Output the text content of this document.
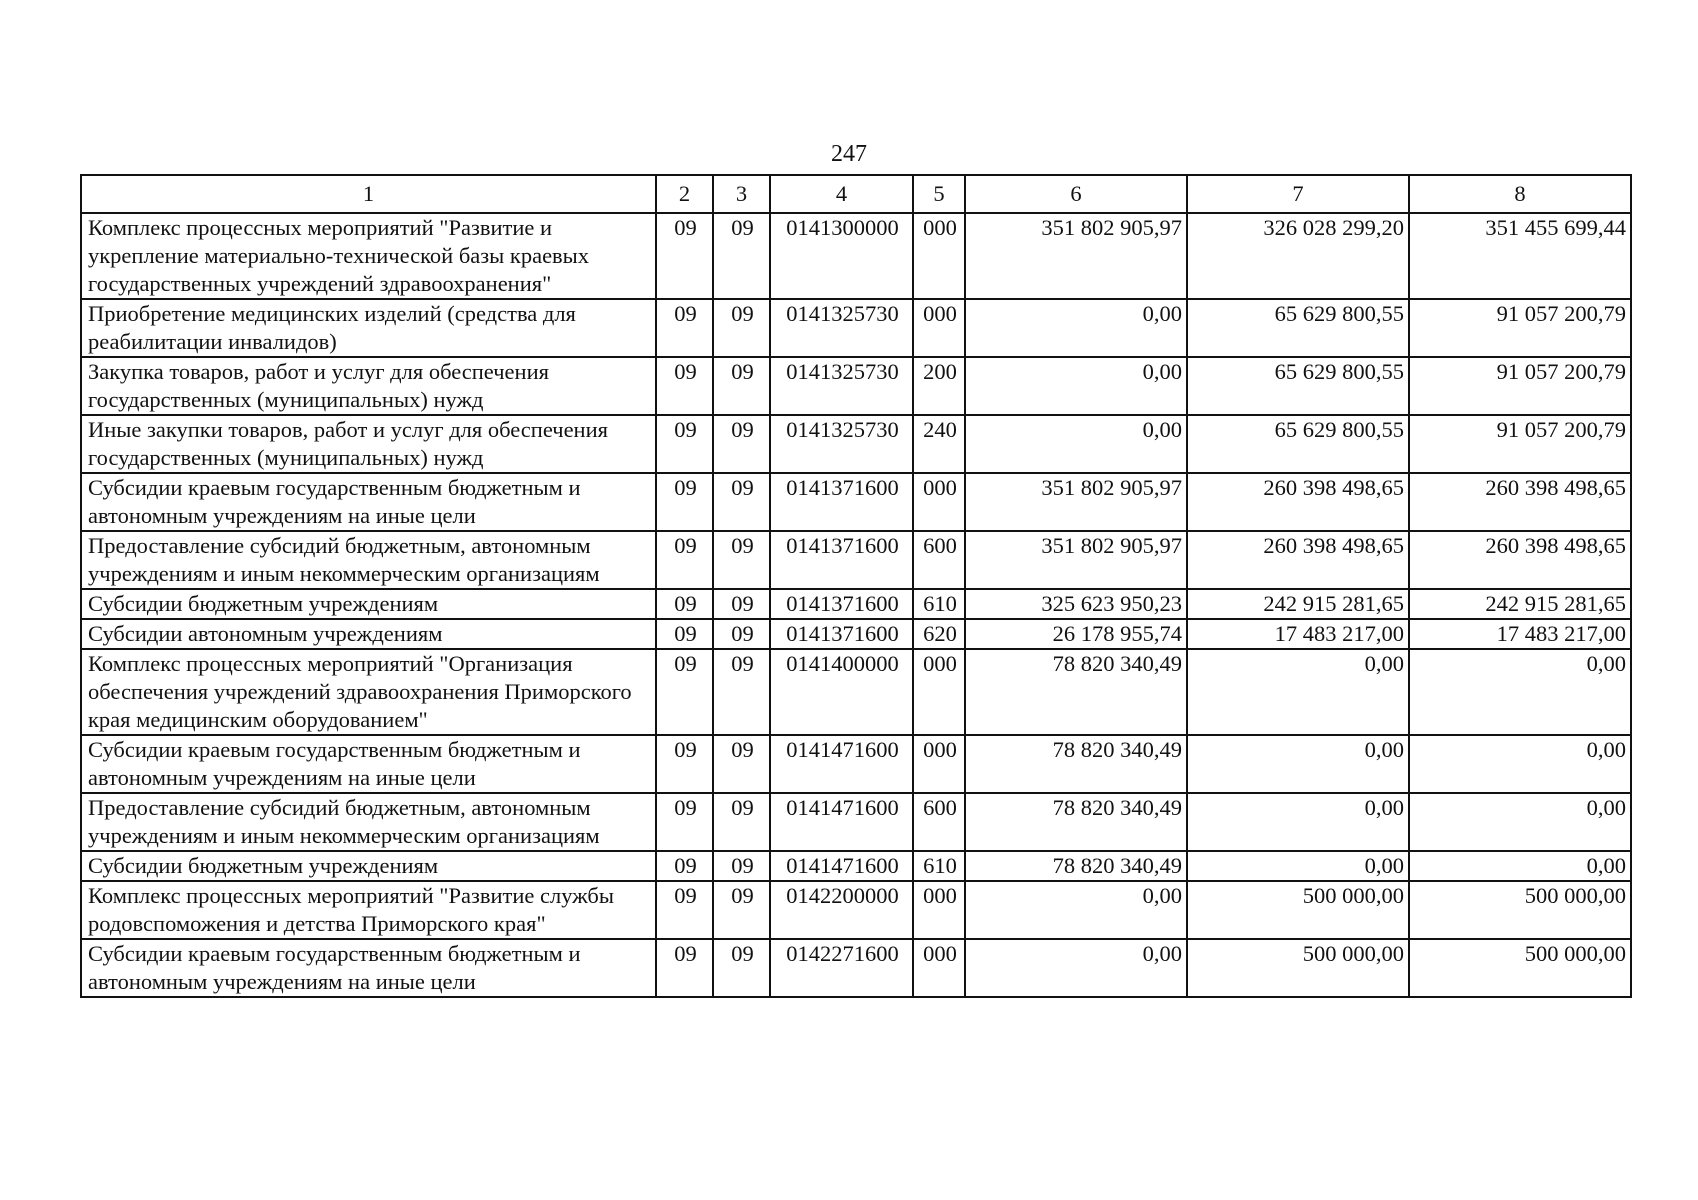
247
1	2	3	4	5	6	7	8
Комплекс процессных мероприятий "Развитие и укрепление материально-технической базы краевых государственных учреждений здравоохранения"	09	09	0141300000	000	351 802 905,97	326 028 299,20	351 455 699,44
Приобретение медицинских изделий (средства для реабилитации инвалидов)	09	09	0141325730	000	0,00	65 629 800,55	91 057 200,79
Закупка товаров, работ и услуг для обеспечения государственных (муниципальных) нужд	09	09	0141325730	200	0,00	65 629 800,55	91 057 200,79
Иные закупки товаров, работ и услуг для обеспечения государственных (муниципальных) нужд	09	09	0141325730	240	0,00	65 629 800,55	91 057 200,79
Субсидии краевым государственным бюджетным и автономным учреждениям на иные цели	09	09	0141371600	000	351 802 905,97	260 398 498,65	260 398 498,65
Предоставление субсидий бюджетным, автономным учреждениям и иным некоммерческим организациям	09	09	0141371600	600	351 802 905,97	260 398 498,65	260 398 498,65
Субсидии бюджетным учреждениям	09	09	0141371600	610	325 623 950,23	242 915 281,65	242 915 281,65
Субсидии автономным учреждениям	09	09	0141371600	620	26 178 955,74	17 483 217,00	17 483 217,00
Комплекс процессных мероприятий "Организация обеспечения учреждений здравоохранения Приморского края медицинским оборудованием"	09	09	0141400000	000	78 820 340,49	0,00	0,00
Субсидии краевым государственным бюджетным и автономным учреждениям на иные цели	09	09	0141471600	000	78 820 340,49	0,00	0,00
Предоставление субсидий бюджетным, автономным учреждениям и иным некоммерческим организациям	09	09	0141471600	600	78 820 340,49	0,00	0,00
Субсидии бюджетным учреждениям	09	09	0141471600	610	78 820 340,49	0,00	0,00
Комплекс процессных мероприятий "Развитие службы родовспоможения и детства Приморского края"	09	09	0142200000	000	0,00	500 000,00	500 000,00
Субсидии краевым государственным бюджетным и автономным учреждениям на иные цели	09	09	0142271600	000	0,00	500 000,00	500 000,00
